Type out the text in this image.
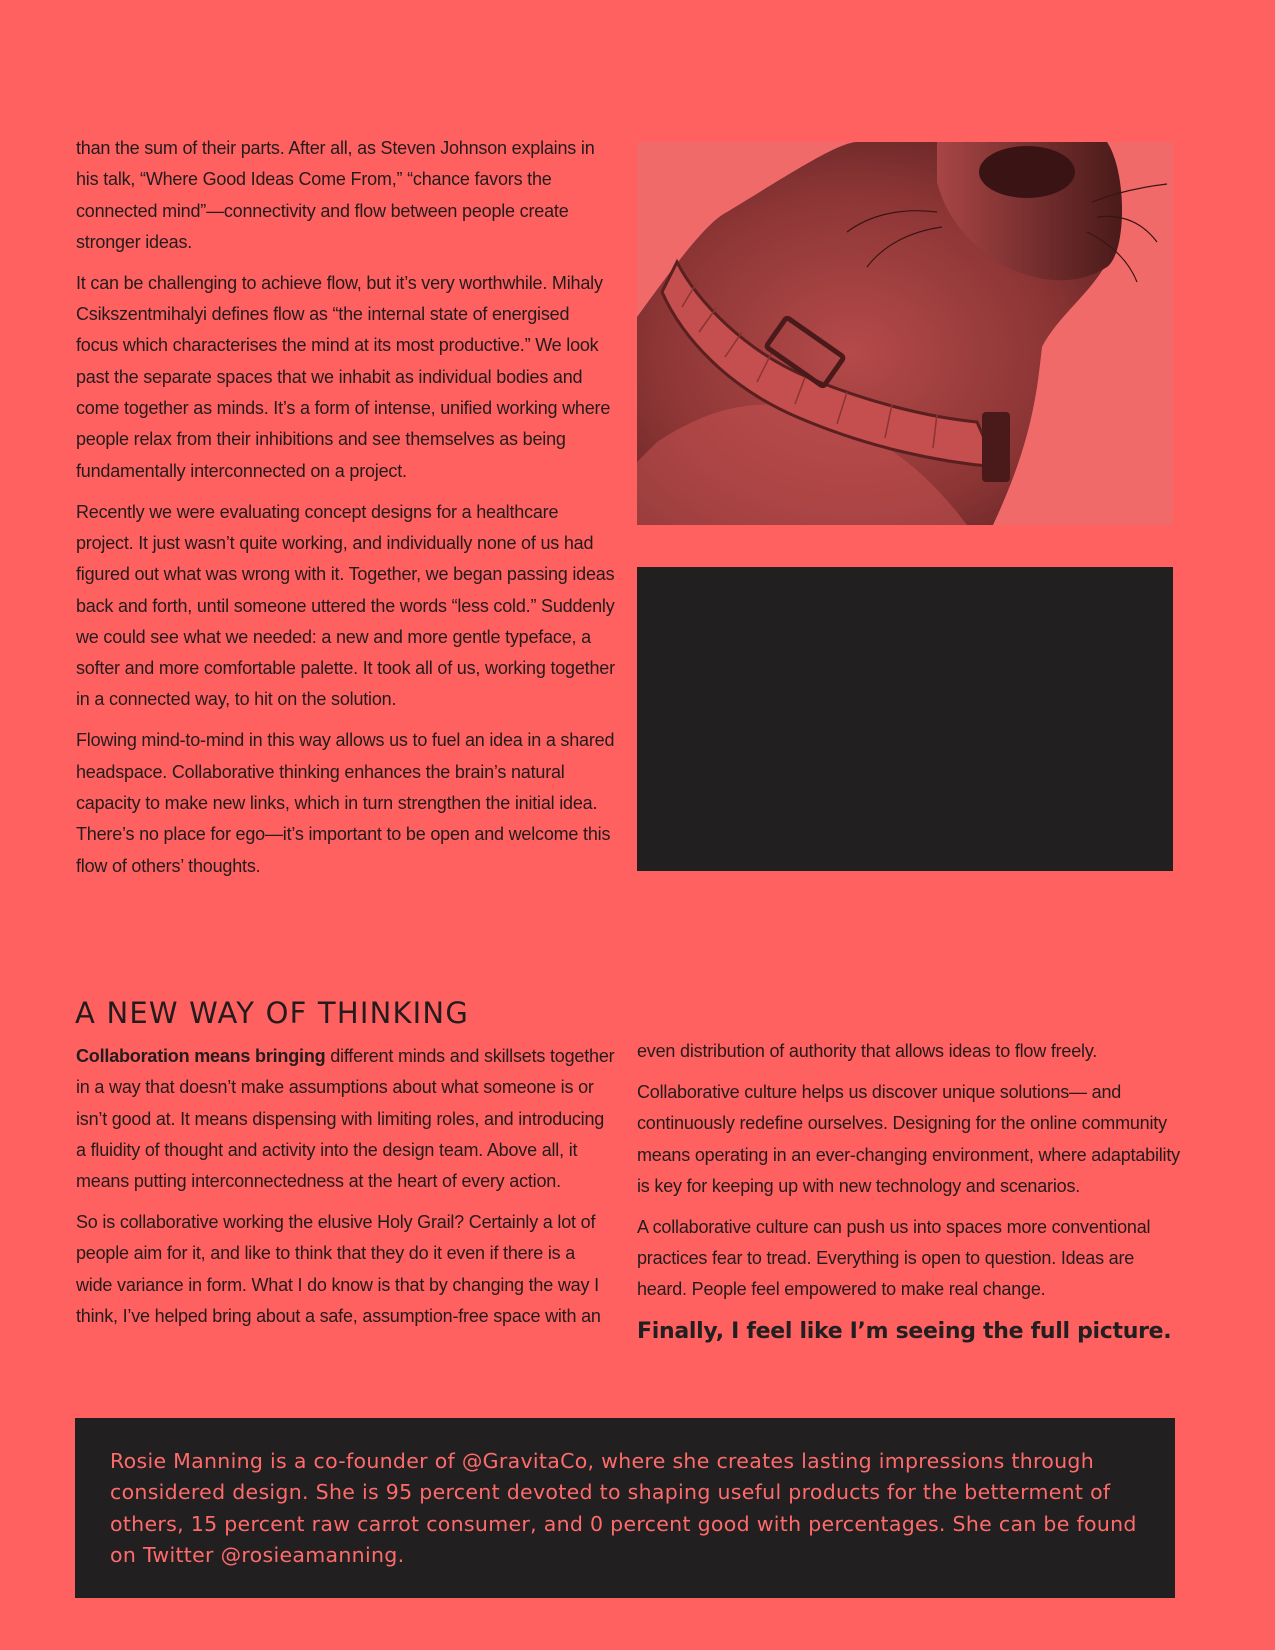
than the sum of their parts. After all, as Steven Johnson explains in his talk, “Where Good Ideas Come From,” “chance favors the connected mind”—connectivity and flow between people create stronger ideas.

It can be challenging to achieve flow, but it’s very worthwhile. Mihaly Csikszentmihalyi defines flow as “the internal state of energised focus which characterises the mind at its most productive.” We look past the separate spaces that we inhabit as individual bodies and come together as minds. It’s a form of intense, unified working where people relax from their inhibitions and see themselves as being fundamentally interconnected on a project.

Recently we were evaluating concept designs for a healthcare project. It just wasn’t quite working, and individually none of us had figured out what was wrong with it. Together, we began passing ideas back and forth, until someone uttered the words “less cold.” Suddenly we could see what we needed: a new and more gentle typeface, a softer and more comfortable palette. It took all of us, working together in a connected way, to hit on the solution.

Flowing mind-to-mind in this way allows us to fuel an idea in a shared headspace. Collaborative thinking enhances the brain’s natural capacity to make new links, which in turn strengthen the initial idea. There’s no place for ego—it’s important to be open and welcome this flow of others’ thoughts.

A NEW WAY OF THINKING

Collaboration means bringing different minds and skillsets together in a way that doesn’t make assumptions about what someone is or isn’t good at. It means dispensing with limiting roles, and introducing a fluidity of thought and activity into the design team. Above all, it means putting interconnectedness at the heart of every action.

So is collaborative working the elusive Holy Grail? Certainly a lot of people aim for it, and like to think that they do it even if there is a wide variance in form. What I do know is that by changing the way I think, I’ve helped bring about a safe, assumption-free space with an

even distribution of authority that allows ideas to flow freely.

Collaborative culture helps us discover unique solutions— and continuously redefine ourselves. Designing for the online community means operating in an ever-changing environment, where adaptability is key for keeping up with new technology and scenarios.

A collaborative culture can push us into spaces more conventional practices fear to tread. Everything is open to question. Ideas are heard. People feel empowered to make real change.

Finally, I feel like I’m seeing the full picture.

Rosie Manning is a co-founder of @GravitaCo, where she creates lasting impressions through considered design. She is 95 percent devoted to shaping useful products for the betterment of others, 15 percent raw carrot consumer, and 0 percent good with percentages. She can be found on Twitter @rosieamanning.
